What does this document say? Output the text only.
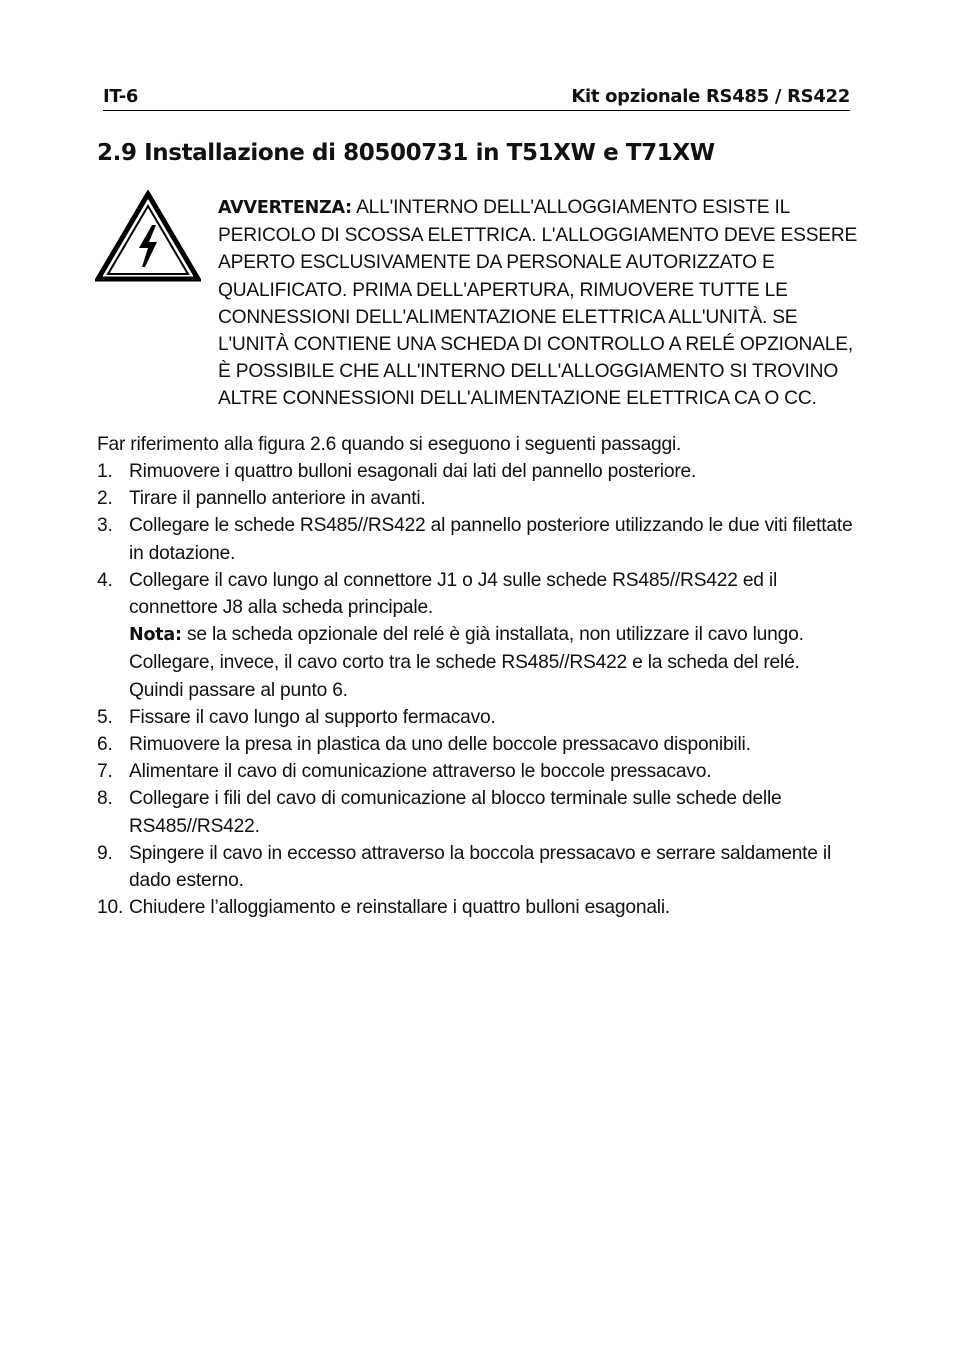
IT-6	Kit opzionale RS485 / RS422
2.9 Installazione di 80500731 in T51XW e T71XW

AVVERTENZA: ALL'INTERNO DELL'ALLOGGIAMENTO ESISTE IL PERICOLO DI SCOSSA ELETTRICA. L'ALLOGGIAMENTO DEVE ESSERE APERTO ESCLUSIVAMENTE DA PERSONALE AUTORIZZATO E QUALIFICATO. PRIMA DELL'APERTURA, RIMUOVERE TUTTE LE CONNESSIONI DELL'ALIMENTAZIONE ELETTRICA ALL'UNITÀ. SE L'UNITÀ CONTIENE UNA SCHEDA DI CONTROLLO A RELÉ OPZIONALE, È POSSIBILE CHE ALL'INTERNO DELL'ALLOGGIAMENTO SI TROVINO ALTRE CONNESSIONI DELL'ALIMENTAZIONE ELETTRICA CA O CC.

Far riferimento alla figura 2.6 quando si eseguono i seguenti passaggi.

1. Rimuovere i quattro bulloni esagonali dai lati del pannello posteriore.
2. Tirare il pannello anteriore in avanti.
3. Collegare le schede RS485//RS422 al pannello posteriore utilizzando le due viti filettate in dotazione.
4. Collegare il cavo lungo al connettore J1 o J4 sulle schede RS485//RS422 ed il connettore J8 alla scheda principale.
Nota: se la scheda opzionale del relé è già installata, non utilizzare il cavo lungo. Collegare, invece, il cavo corto tra le schede RS485//RS422 e la scheda del relé. Quindi passare al punto 6.
5. Fissare il cavo lungo al supporto fermacavo.
6. Rimuovere la presa in plastica da uno delle boccole pressacavo disponibili.
7. Alimentare il cavo di comunicazione attraverso le boccole pressacavo.
8. Collegare i fili del cavo di comunicazione al blocco terminale sulle schede delle RS485//RS422.
9. Spingere il cavo in eccesso attraverso la boccola pressacavo e serrare saldamente il dado esterno.
10. Chiudere l’alloggiamento e reinstallare i quattro bulloni esagonali.
